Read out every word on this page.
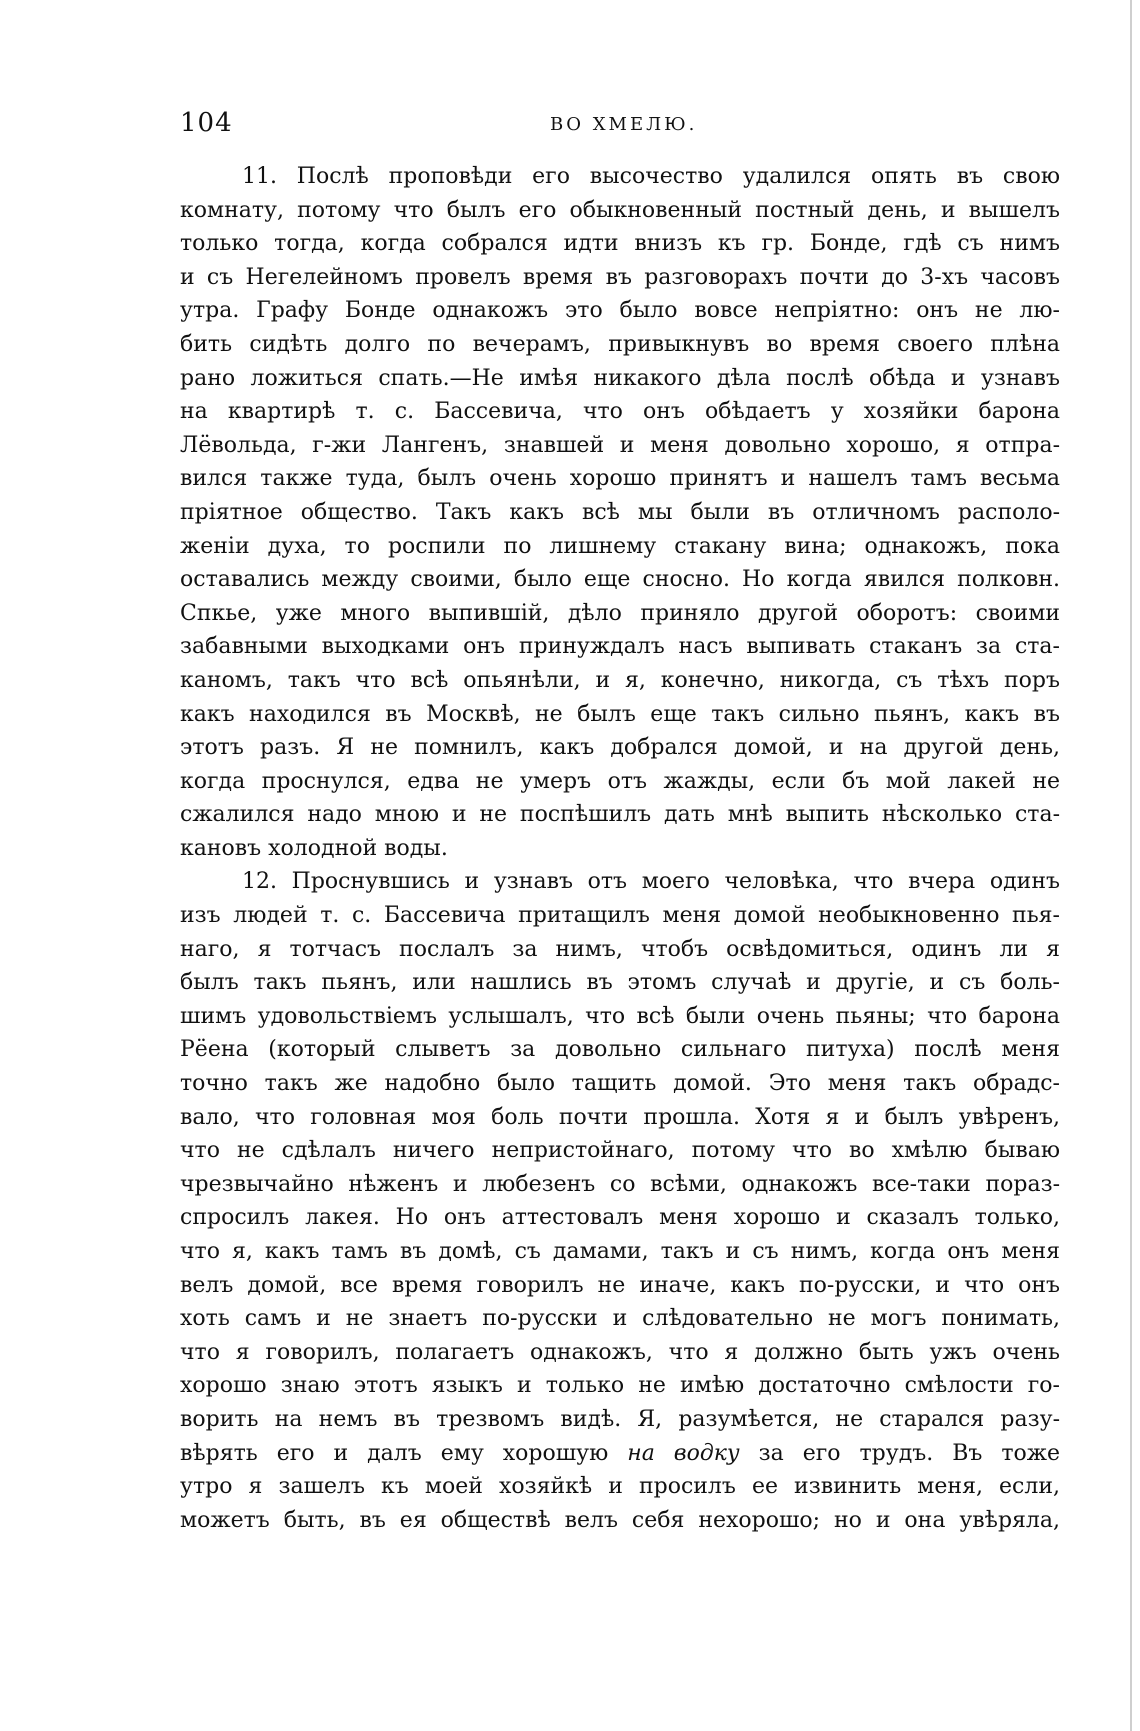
104	ВО ХМЕЛЮ.
11. Послѣ проповѣди его высочество удалился опять въ свою
комнату, потому что былъ его обыкновенный постный день, и вышелъ
только тогда, когда собрался идти внизъ къ гр. Бонде, гдѣ съ нимъ
и съ Негелейномъ провелъ время въ разговорахъ почти до 3-хъ часовъ
утра. Графу Бонде однакожъ это было вовсе непріятно: онъ не лю-
бить сидѣть долго по вечерамъ, привыкнувъ во время своего плѣна
рано ложиться спать.—Не имѣя никакого дѣла послѣ обѣда и узнавъ
на квартирѣ т. с. Бассевича, что онъ обѣдаетъ у хозяйки барона
Лёвольда, г-жи Лангенъ, знавшей и меня довольно хорошо, я отпра-
вился также туда, былъ очень хорошо принятъ и нашелъ тамъ весьма
пріятное общество. Такъ какъ всѣ мы были въ отличномъ располо-
женіи духа, то роспили по лишнему стакану вина; однакожъ, пока
оставались между своими, было еще сносно. Но когда явился полковн.
Спкье, уже много выпившій, дѣло приняло другой оборотъ: своими
забавными выходками онъ принуждалъ насъ выпивать стаканъ за ста-
каномъ, такъ что всѣ опьянѣли, и я, конечно, никогда, съ тѣхъ поръ
какъ находился въ Москвѣ, не былъ еще такъ сильно пьянъ, какъ въ
этотъ разъ. Я не помнилъ, какъ добрался домой, и на другой день,
когда проснулся, едва не умеръ отъ жажды, если бъ мой лакей не
сжалился надо мною и не поспѣшилъ дать мнѣ выпить нѣсколько ста-
кановъ холодной воды.
12. Проснувшись и узнавъ отъ моего человѣка, что вчера одинъ
изъ людей т. с. Бассевича притащилъ меня домой необыкновенно пья-
наго, я тотчасъ послалъ за нимъ, чтобъ освѣдомиться, одинъ ли я
былъ такъ пьянъ, или нашлись въ этомъ случаѣ и другіе, и съ боль-
шимъ удовольствіемъ услышалъ, что всѣ были очень пьяны; что барона
Рёена (который слыветъ за довольно сильнаго питуха) послѣ меня
точно такъ же надобно было тащить домой. Это меня такъ обрадс-
вало, что головная моя боль почти прошла. Хотя я и былъ увѣренъ,
что не сдѣлалъ ничего непристойнаго, потому что во хмѣлю бываю
чрезвычайно нѣженъ и любезенъ со всѣми, однакожъ все-таки пораз-
спросилъ лакея. Но онъ аттестовалъ меня хорошо и сказалъ только,
что я, какъ тамъ въ домѣ, съ дамами, такъ и съ нимъ, когда онъ меня
велъ домой, все время говорилъ не иначе, какъ по-русски, и что онъ
хоть самъ и не знаетъ по-русски и слѣдовательно не могъ понимать,
что я говорилъ, полагаетъ однакожъ, что я должно быть ужъ очень
хорошо знаю этотъ языкъ и только не имѣю достаточно смѣлости го-
ворить на немъ въ трезвомъ видѣ. Я, разумѣется, не старался разу-
вѣрять его и далъ ему хорошую на водку за его трудъ. Въ тоже
утро я зашелъ къ моей хозяйкѣ и просилъ ее извинить меня, если,
можетъ быть, въ ея обществѣ велъ себя нехорошо; но и она увѣряла,
